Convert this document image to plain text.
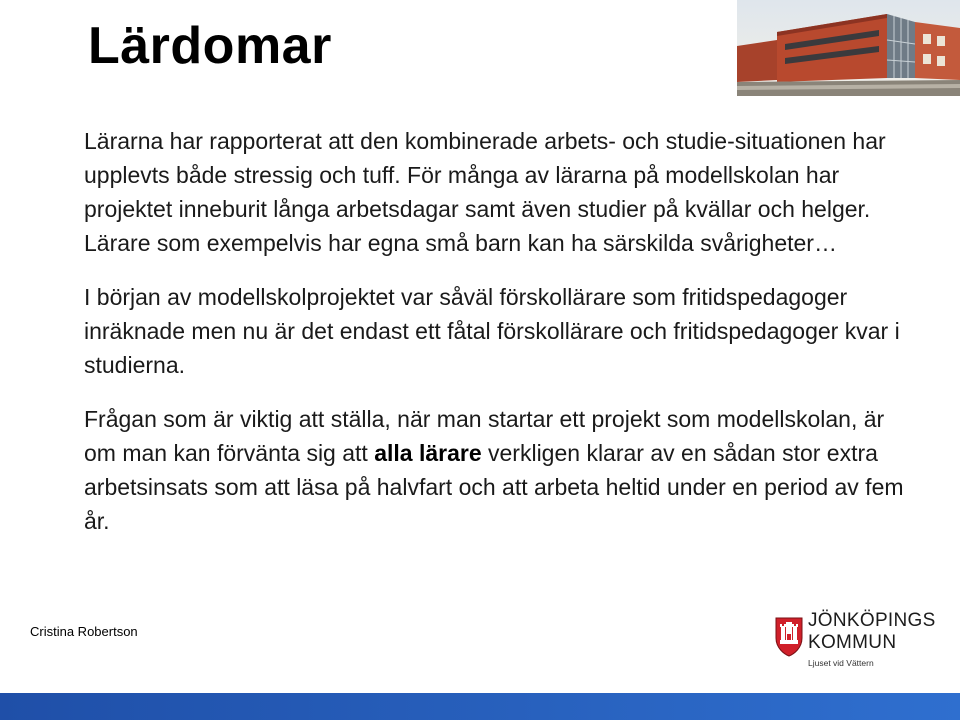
Lärdomar

Lärarna har rapporterat att den kombinerade arbets- och studie-situationen har upplevts både stressig och tuff. För många av lärarna på modellskolan har projektet inneburit långa arbetsdagar samt även studier på kvällar och helger. Lärare som exempelvis har egna små barn kan ha särskilda svårigheter…

I början av modellskolprojektet var såväl förskollärare som fritidspedagoger inräknade men nu är det endast ett fåtal förskollärare och fritidspedagoger kvar i studierna.

Frågan som är viktig att ställa, när man startar ett projekt som modellskolan, är om man kan förvänta sig att alla lärare verkligen klarar av en sådan stor extra arbetsinsats som att läsa på halvfart och att arbeta heltid under en period av fem år.

Cristina Robertson
JÖNKÖPINGS
KOMMUN
Ljuset vid Vättern
